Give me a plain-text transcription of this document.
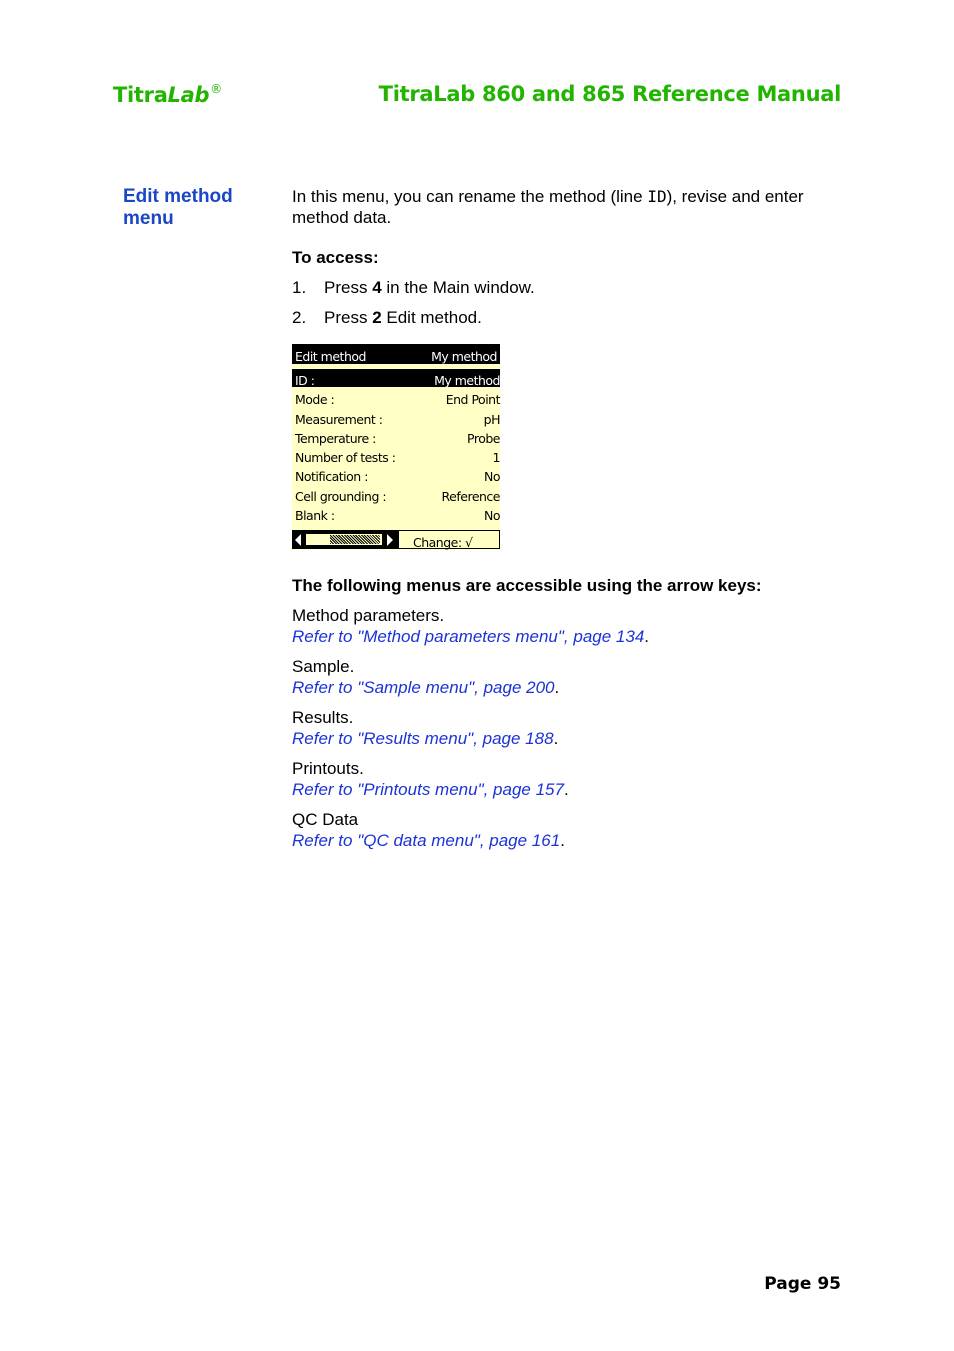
TitraLab®	TitraLab 860 and 865 Reference Manual
Edit method menu

In this menu, you can rename the method (line ID), revise and enter method data.

To access:

1.	Press 4 in the Main window.
2.	Press 2 Edit method.
Edit method	My method
ID :	My method
Mode :	End Point
Measurement :	pH
Temperature :	Probe
Number of tests :	1
Notification :	No
Cell grounding :	Reference
Blank :	No
Change: √

The following menus are accessible using the arrow keys:

Method parameters.

Refer to "Method parameters menu", page 134.

Sample.

Refer to "Sample menu", page 200.

Results.

Refer to "Results menu", page 188.

Printouts.

Refer to "Printouts menu", page 157.

QC Data

Refer to "QC data menu", page 161.

Page 95
